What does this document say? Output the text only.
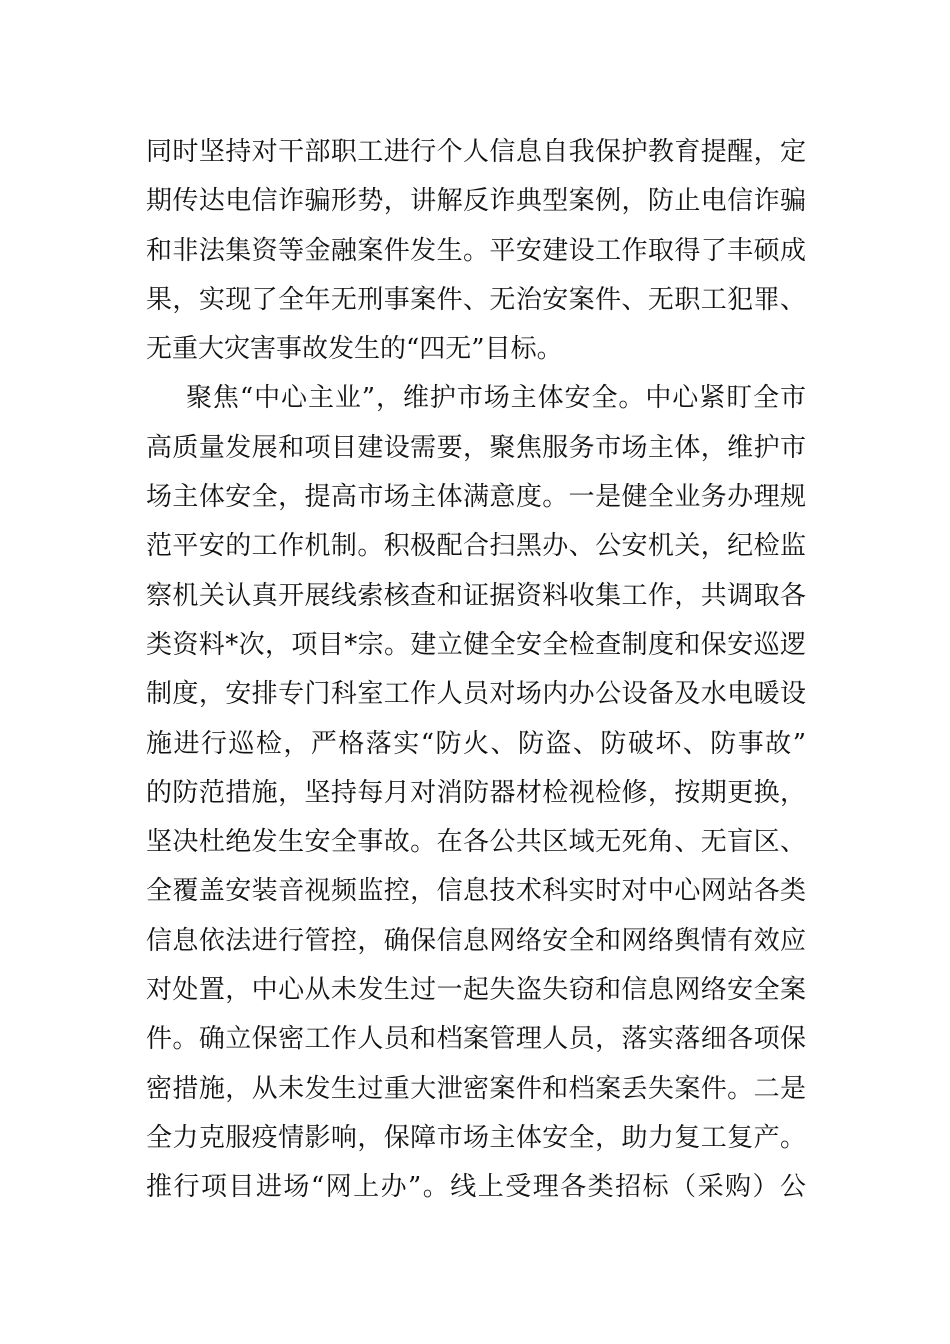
同时坚持对干部职工进行个人信息自我保护教育提醒，定
期传达电信诈骗形势，讲解反诈典型案例，防止电信诈骗
和非法集资等金融案件发生。平安建设工作取得了丰硕成
果，实现了全年无刑事案件、无治安案件、无职工犯罪、
无重大灾害事故发生的“四无”目标。
聚焦“中心主业”，维护市场主体安全。中心紧盯全市
高质量发展和项目建设需要，聚焦服务市场主体，维护市
场主体安全，提高市场主体满意度。一是健全业务办理规
范平安的工作机制。积极配合扫黑办、公安机关，纪检监
察机关认真开展线索核查和证据资料收集工作，共调取各
类资料*次，项目*宗。建立健全安全检查制度和保安巡逻
制度，安排专门科室工作人员对场内办公设备及水电暖设
施进行巡检，严格落实“防火、防盗、防破坏、防事故”
的防范措施，坚持每月对消防器材检视检修，按期更换，
坚决杜绝发生安全事故。在各公共区域无死角、无盲区、
全覆盖安装音视频监控，信息技术科实时对中心网站各类
信息依法进行管控，确保信息网络安全和网络舆情有效应
对处置，中心从未发生过一起失盗失窃和信息网络安全案
件。确立保密工作人员和档案管理人员，落实落细各项保
密措施，从未发生过重大泄密案件和档案丢失案件。二是
全力克服疫情影响，保障市场主体安全，助力复工复产。
推行项目进场“网上办”。线上受理各类招标（采购）公
